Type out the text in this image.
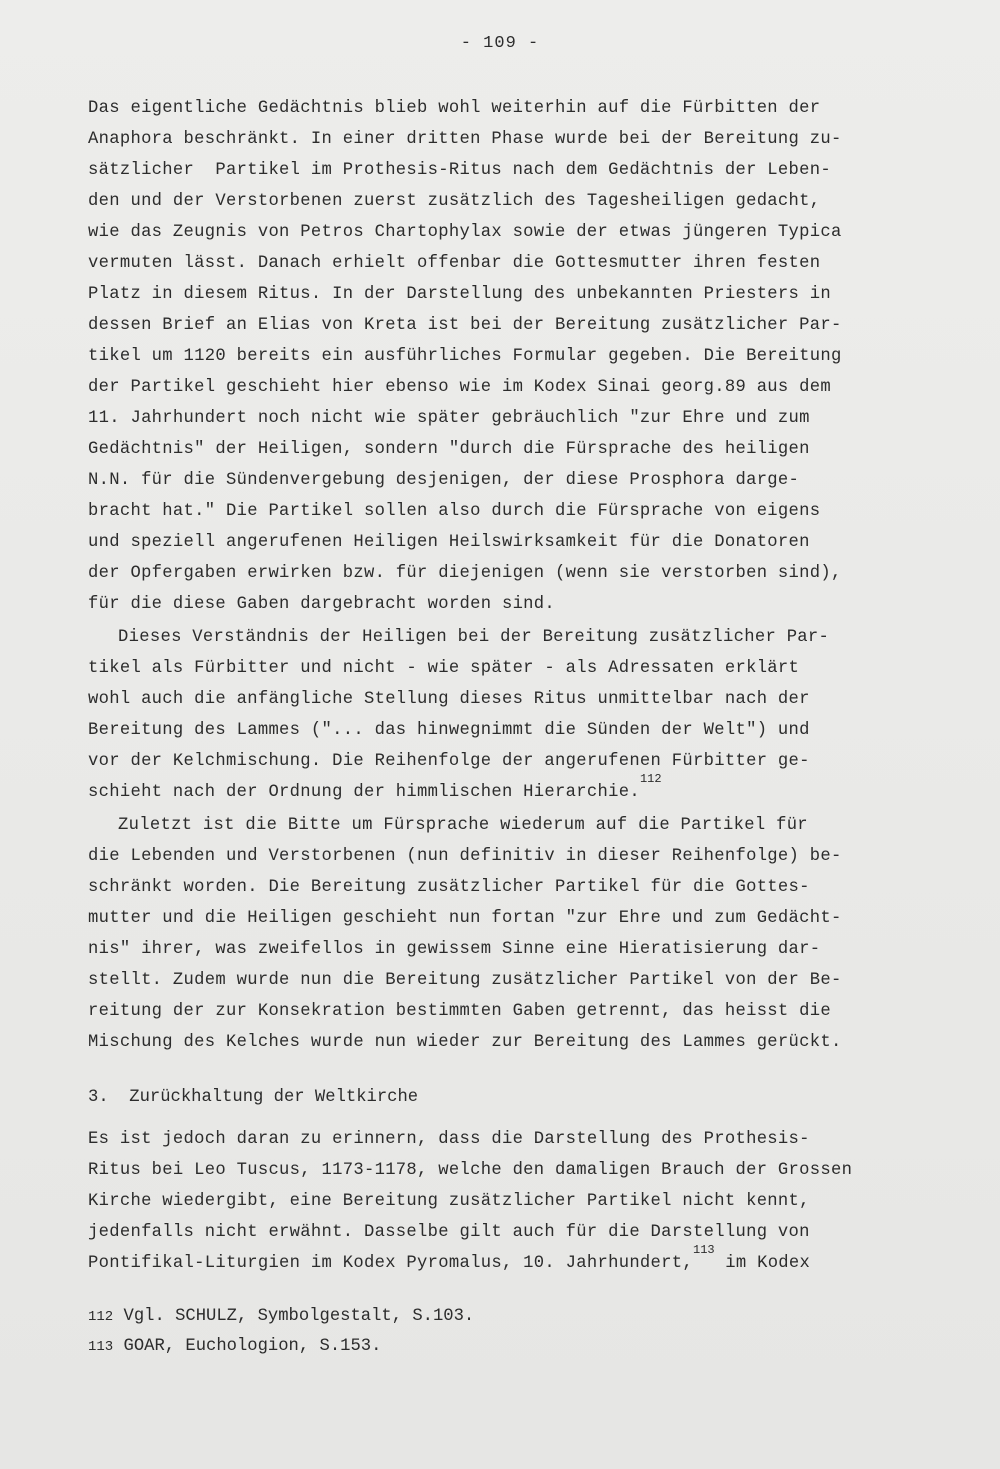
- 109 -
Das eigentliche Gedächtnis blieb wohl weiterhin auf die Fürbitten der
Anaphora beschränkt. In einer dritten Phase wurde bei der Bereitung zu-
sätzlicher  Partikel im Prothesis-Ritus nach dem Gedächtnis der Leben-
den und der Verstorbenen zuerst zusätzlich des Tagesheiligen gedacht,
wie das Zeugnis von Petros Chartophylax sowie der etwas jüngeren Typica
vermuten lässt. Danach erhielt offenbar die Gottesmutter ihren festen
Platz in diesem Ritus. In der Darstellung des unbekannten Priesters in
dessen Brief an Elias von Kreta ist bei der Bereitung zusätzlicher Par-
tikel um 1120 bereits ein ausführliches Formular gegeben. Die Bereitung
der Partikel geschieht hier ebenso wie im Kodex Sinai georg.89 aus dem
11. Jahrhundert noch nicht wie später gebräuchlich "zur Ehre und zum
Gedächtnis" der Heiligen, sondern "durch die Fürsprache des heiligen
N.N. für die Sündenvergebung desjenigen, der diese Prosphora darge-
bracht hat." Die Partikel sollen also durch die Fürsprache von eigens
und speziell angerufenen Heiligen Heilswirksamkeit für die Donatoren
der Opfergaben erwirken bzw. für diejenigen (wenn sie verstorben sind),
für die diese Gaben dargebracht worden sind.
Dieses Verständnis der Heiligen bei der Bereitung zusätzlicher Par-
tikel als Fürbitter und nicht - wie später - als Adressaten erklärt
wohl auch die anfängliche Stellung dieses Ritus unmittelbar nach der
Bereitung des Lammes ("... das hinwegnimmt die Sünden der Welt") und
vor der Kelchmischung. Die Reihenfolge der angerufenen Fürbitter ge-
schieht nach der Ordnung der himmlischen Hierarchie.$^{112}$
Zuletzt ist die Bitte um Fürsprache wiederum auf die Partikel für
die Lebenden und Verstorbenen (nun definitiv in dieser Reihenfolge) be-
schränkt worden. Die Bereitung zusätzlicher Partikel für die Gottes-
mutter und die Heiligen geschieht nun fortan "zur Ehre und zum Gedächt-
nis" ihrer, was zweifellos in gewissem Sinne eine Hieratisierung dar-
stellt. Zudem wurde nun die Bereitung zusätzlicher Partikel von der Be-
reitung der zur Konsekration bestimmten Gaben getrennt, das heisst die
Mischung des Kelches wurde nun wieder zur Bereitung des Lammes gerückt.
3. Zurückhaltung der Weltkirche
Es ist jedoch daran zu erinnern, dass die Darstellung des Prothesis-
Ritus bei Leo Tuscus, 1173-1178, welche den damaligen Brauch der Grossen
Kirche wiedergibt, eine Bereitung zusätzlicher Partikel nicht kennt,
jedenfalls nicht erwähnt. Dasselbe gilt auch für die Darstellung von
Pontifikal-Liturgien im Kodex Pyromalus, 10. Jahrhundert,$^{113}$ im Kodex
112 Vgl. SCHULZ, Symbolgestalt, S.103.
113 GOAR, Euchologion, S.153.
